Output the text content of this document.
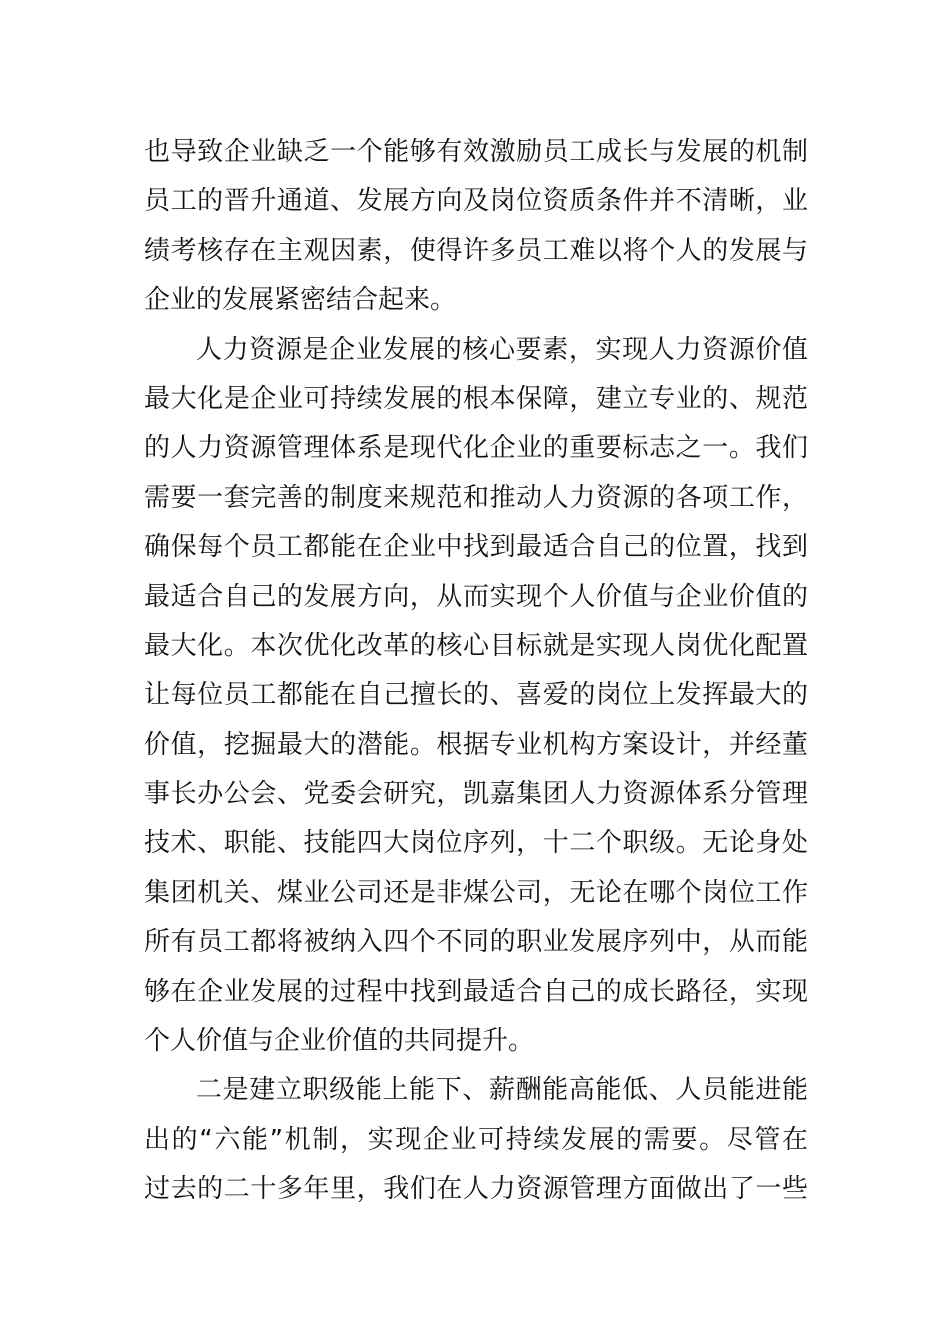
也导致企业缺乏一个能够有效激励员工成长与发展的机制
员工的晋升通道、发展方向及岗位资质条件并不清晰，业
绩考核存在主观因素，使得许多员工难以将个人的发展与
企业的发展紧密结合起来。
人力资源是企业发展的核心要素，实现人力资源价值
最大化是企业可持续发展的根本保障，建立专业的、规范
的人力资源管理体系是现代化企业的重要标志之一。我们
需要一套完善的制度来规范和推动人力资源的各项工作，
确保每个员工都能在企业中找到最适合自己的位置，找到
最适合自己的发展方向，从而实现个人价值与企业价值的
最大化。本次优化改革的核心目标就是实现人岗优化配置
让每位员工都能在自己擅长的、喜爱的岗位上发挥最大的
价值，挖掘最大的潜能。根据专业机构方案设计，并经董
事长办公会、党委会研究，凯嘉集团人力资源体系分管理
技术、职能、技能四大岗位序列，十二个职级。无论身处
集团机关、煤业公司还是非煤公司，无论在哪个岗位工作
所有员工都将被纳入四个不同的职业发展序列中，从而能
够在企业发展的过程中找到最适合自己的成长路径，实现
个人价值与企业价值的共同提升。
二是建立职级能上能下、薪酬能高能低、人员能进能
出的“六能”机制，实现企业可持续发展的需要。尽管在
过去的二十多年里，我们在人力资源管理方面做出了一些
